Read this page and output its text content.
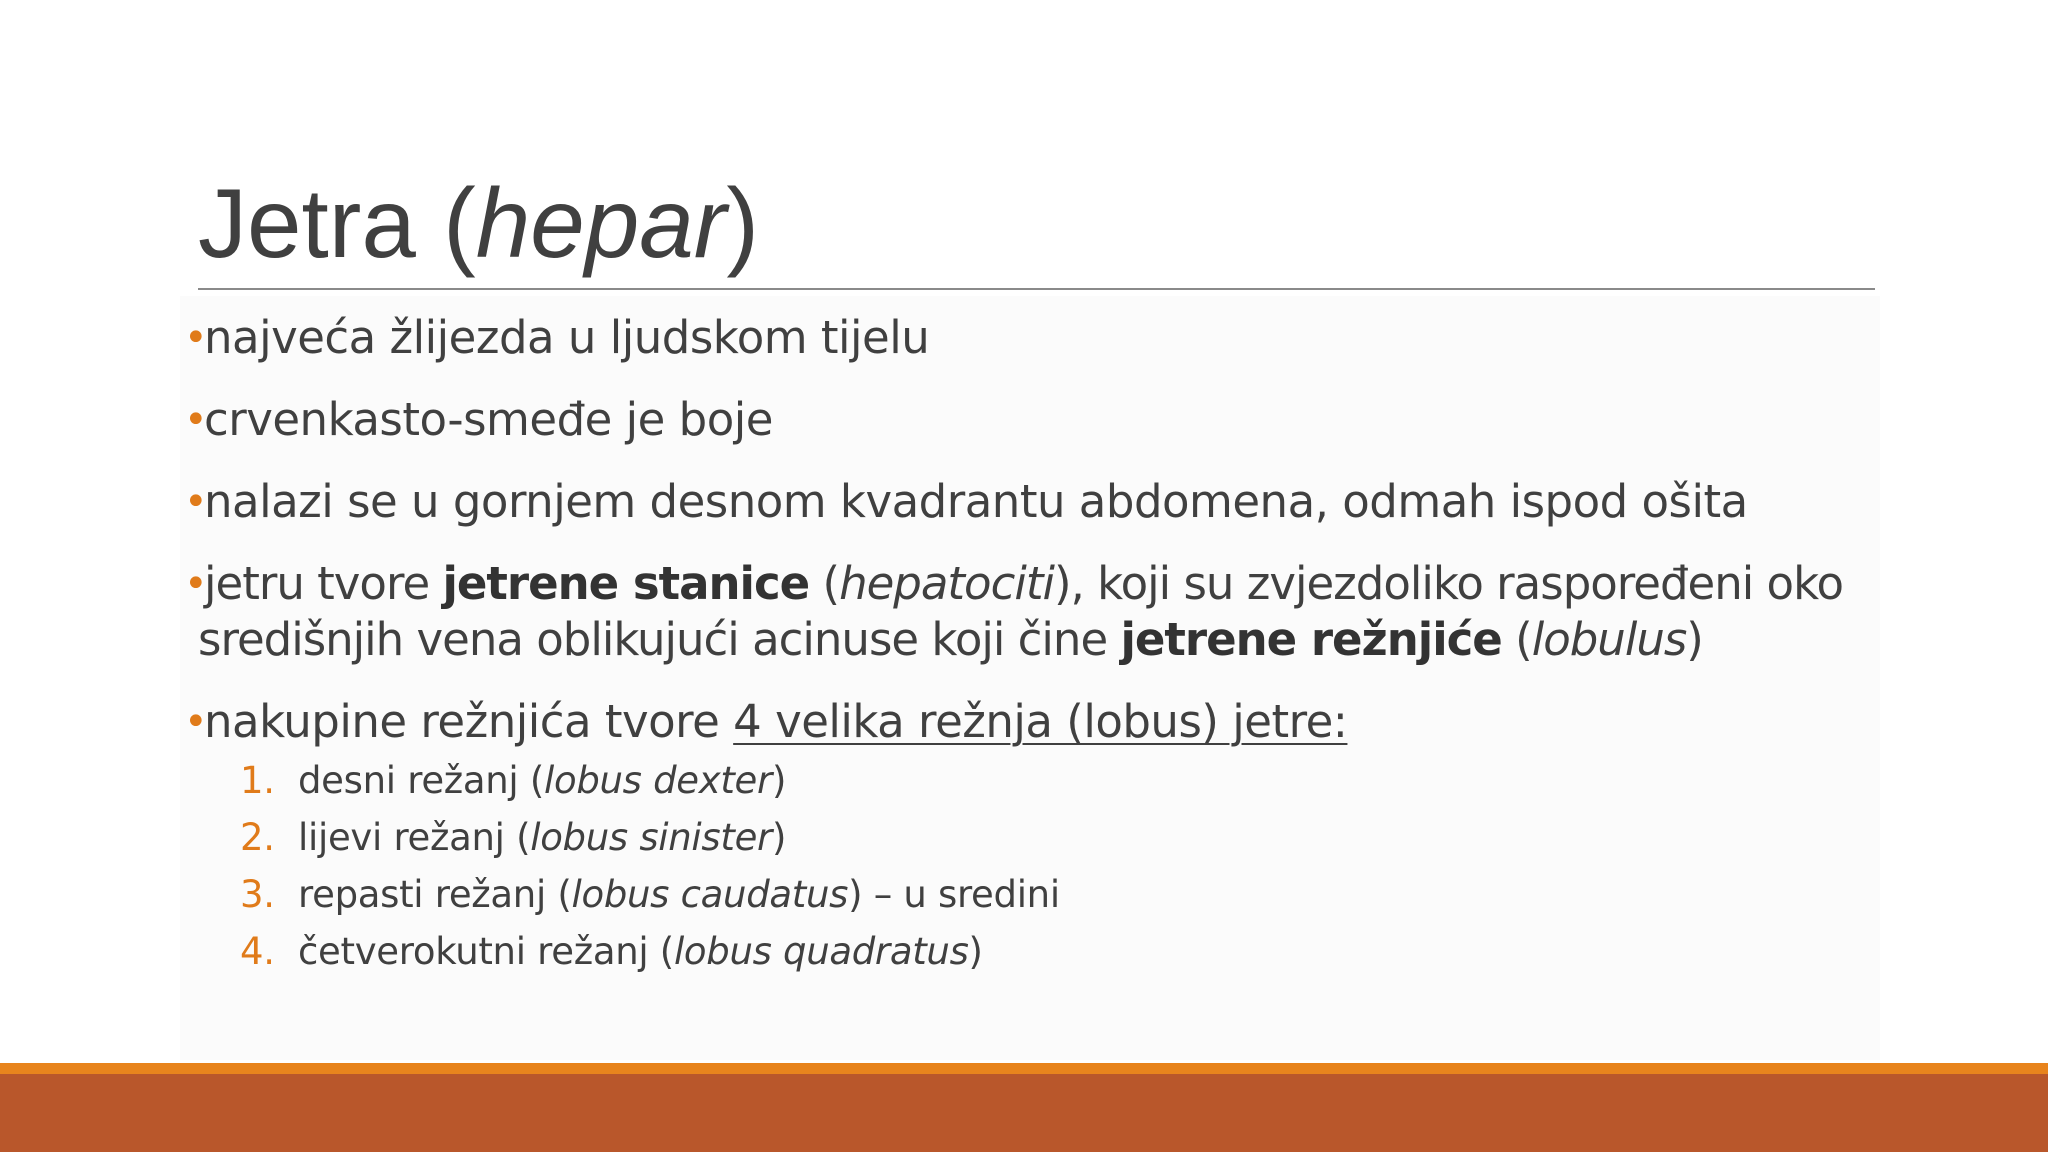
Jetra (hepar)
•
najveća žlijezda u ljudskom tijelu
•
crvenkasto-smeđe je boje
•
nalazi se u gornjem desnom kvadrantu abdomena, odmah ispod ošita
•
jetru tvore jetrene stanice (hepatociti), koji su zvjezdoliko raspoređeni oko
središnjih vena oblikujući acinuse koji čine jetrene režnjiće (lobulus)
•
nakupine režnjića tvore 4 velika režnja (lobus) jetre:
1. desni režanj (lobus dexter)
2. lijevi režanj (lobus sinister)
3. repasti režanj (lobus caudatus) – u sredini
4. četverokutni režanj (lobus quadratus)
